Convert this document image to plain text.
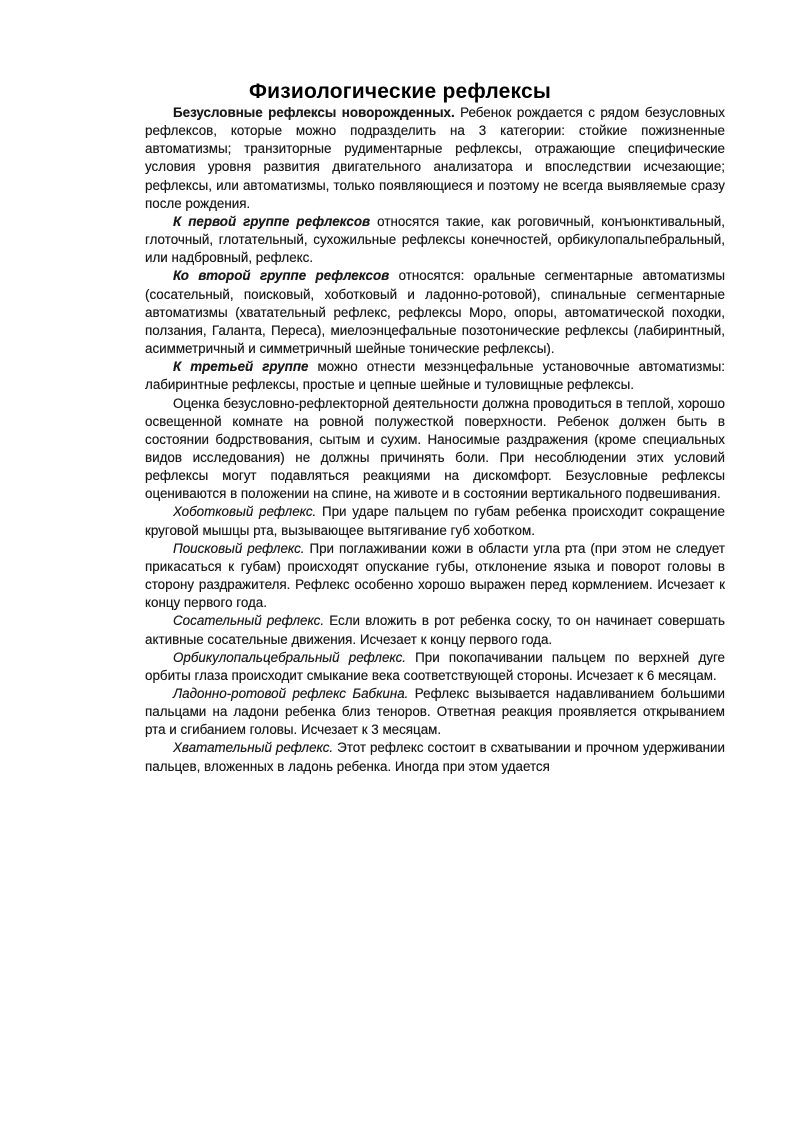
Физиологические рефлексы

Безусловные рефлексы новорожденных. Ребенок рождается с рядом безусловных рефлексов, которые можно подразделить на 3 категории: стойкие пожизненные автоматизмы; транзиторные рудиментарные рефлексы, отражающие специфические условия уровня развития двигательного анализатора и впоследствии исчезающие; рефлексы, или автоматизмы, только появляющиеся и поэтому не всегда выявляемые сразу после рождения.

К первой группе рефлексов относятся такие, как роговичный, конъюнктивальный, глоточный, глотательный, сухожильные рефлексы конечностей, орбикулопальпебральный, или надбровный, рефлекс.

Ко второй группе рефлексов относятся: оральные сегментарные автоматизмы (сосательный, поисковый, хоботковый и ладонно-ротовой), спинальные сегментарные автоматизмы (хватательный рефлекс, рефлексы Моро, опоры, автоматической походки, ползания, Галанта, Переса), миелоэнцефальные позотонические рефлексы (лабиринтный, асимметричный и симметричный шейные тонические рефлексы).

К третьей группе можно отнести мезэнцефальные установочные автоматизмы: лабиринтные рефлексы, простые и цепные шейные и туловищные рефлексы.

Оценка безусловно-рефлекторной деятельности должна проводиться в теплой, хорошо освещенной комнате на ровной полужесткой поверхности. Ребенок должен быть в состоянии бодрствования, сытым и сухим. Наносимые раздражения (кроме специальных видов исследования) не должны причинять боли. При несоблюдении этих условий рефлексы могут подавляться реакциями на дискомфорт. Безусловные рефлексы оцениваются в положении на спине, на животе и в состоянии вертикального подвешивания.

Хоботковый рефлекс. При ударе пальцем по губам ребенка происходит сокращение круговой мышцы рта, вызывающее вытягивание губ хоботком.

Поисковый рефлекс. При поглаживании кожи в области угла рта (при этом не следует прикасаться к губам) происходят опускание губы, отклонение языка и поворот головы в сторону раздражителя. Рефлекс особенно хорошо выражен перед кормлением. Исчезает к концу первого года.

Сосательный рефлекс. Если вложить в рот ребенка соску, то он начинает совершать активные сосательные движения. Исчезает к концу первого года.

Орбикулопальцебральный рефлекс. При покопачивании пальцем по верхней дуге орбиты глаза происходит смыкание века соответствующей стороны. Исчезает к 6 месяцам.

Ладонно-ротовой рефлекс Бабкина. Рефлекс вызывается надавливанием большими пальцами на ладони ребенка близ теноров. Ответная реакция проявляется открыванием рта и сгибанием головы. Исчезает к 3 месяцам.

Хватательный рефлекс. Этот рефлекс состоит в схватывании и прочном удерживании пальцев, вложенных в ладонь ребенка. Иногда при этом удается
